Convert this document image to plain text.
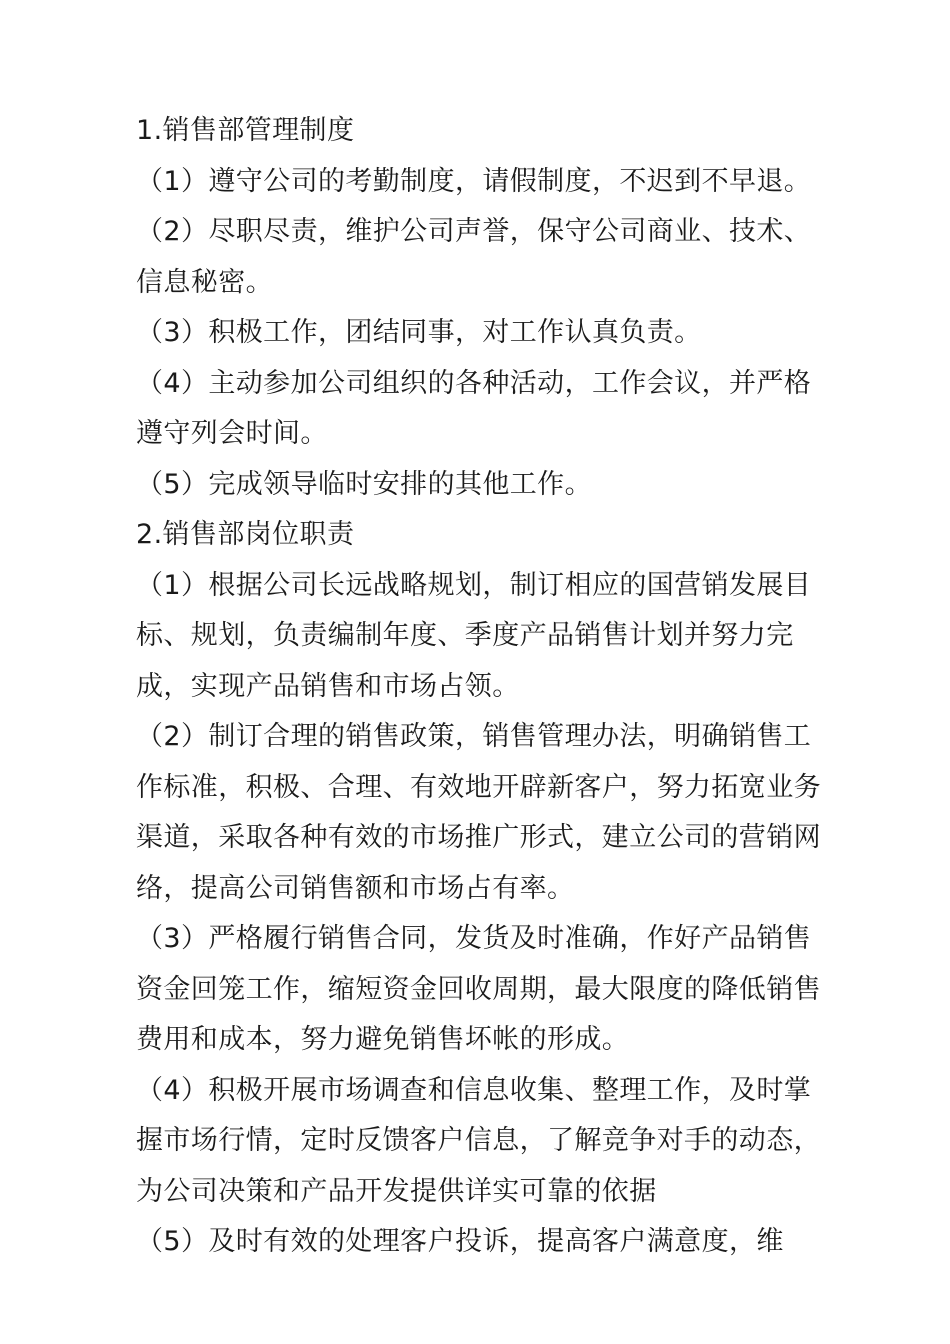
1.销售部管理制度

（1）遵守公司的考勤制度，请假制度，不迟到不早退。

（2）尽职尽责，维护公司声誉，保守公司商业、技术、信息秘密。

（3）积极工作，团结同事，对工作认真负责。

（4）主动参加公司组织的各种活动，工作会议，并严格遵守列会时间。

（5）完成领导临时安排的其他工作。

2.销售部岗位职责

（1）根据公司长远战略规划，制订相应的国营销发展目标、规划，负责编制年度、季度产品销售计划并努力完成，实现产品销售和市场占领。

（2）制订合理的销售政策，销售管理办法，明确销售工作标准，积极、合理、有效地开辟新客户，努力拓宽业务渠道，采取各种有效的市场推广形式，建立公司的营销网络，提高公司销售额和市场占有率。

（3）严格履行销售合同，发货及时准确，作好产品销售资金回笼工作，缩短资金回收周期，最大限度的降低销售费用和成本，努力避免销售坏帐的形成。

（4）积极开展市场调查和信息收集、整理工作，及时掌握市场行情，定时反馈客户信息，了解竞争对手的动态，为公司决策和产品开发提供详实可靠的依据

（5）及时有效的处理客户投诉，提高客户满意度，维
